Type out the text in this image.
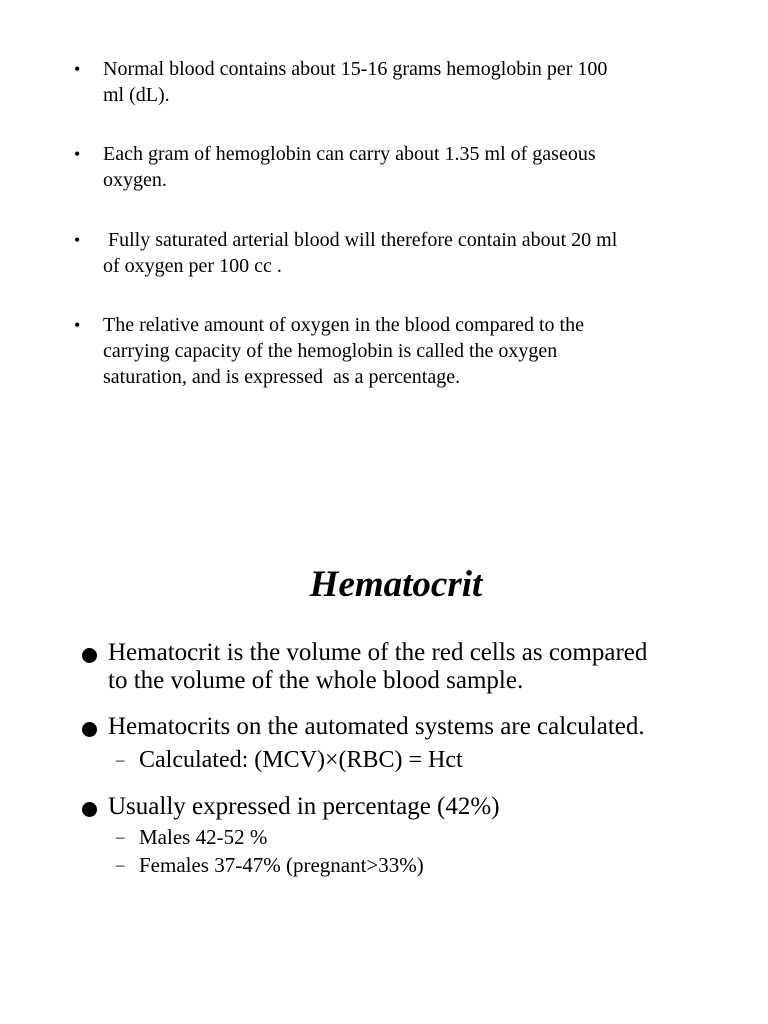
• Normal blood contains about 15-16 grams hemoglobin per 100
ml (dL).
• Each gram of hemoglobin can carry about 1.35 ml of gaseous
oxygen.
• Fully saturated arterial blood will therefore contain about 20 ml
of oxygen per 100 cc .
• The relative amount of oxygen in the blood compared to the
carrying capacity of the hemoglobin is called the oxygen
saturation, and is expressed  as a percentage.
Hematocrit
Hematocrit is the volume of the red cells as compared
to the volume of the whole blood sample.
Hematocrits on the automated systems are calculated.
– Calculated: (MCV)×(RBC) = Hct
Usually expressed in percentage (42%)
– Males 42-52 %
– Females 37-47% (pregnant>33%)
